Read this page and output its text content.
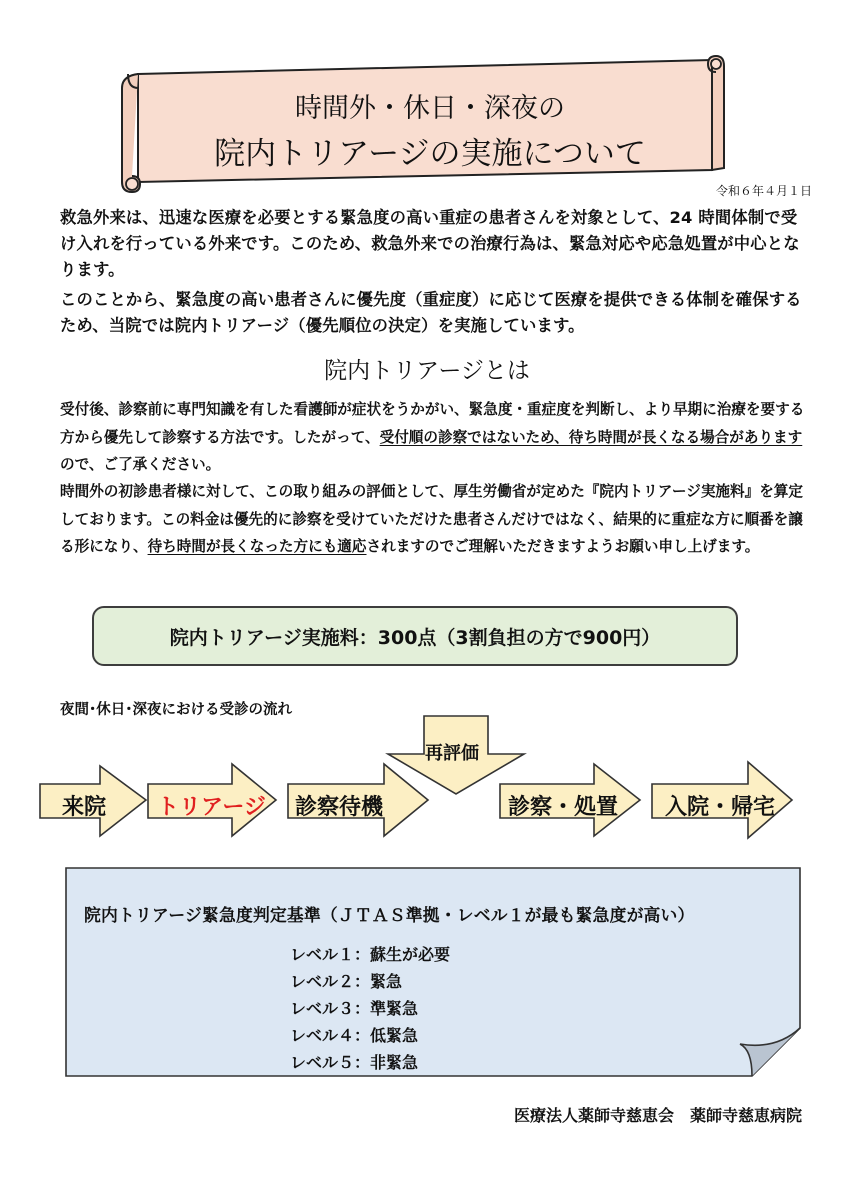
時間外・休日・深夜の
院内トリアージの実施について
令和６年４月１日

救急外来は、迅速な医療を必要とする緊急度の高い重症の患者さんを対象として、24 時間体制で受け入れを行っている外来です。このため、救急外来での治療行為は、緊急対応や応急処置が中心となります。

このことから、緊急度の高い患者さんに優先度（重症度）に応じて医療を提供できる体制を確保するため、当院では院内トリアージ（優先順位の決定）を実施しています。

院内トリアージとは

受付後、診察前に専門知識を有した看護師が症状をうかがい、緊急度・重症度を判断し、より早期に治療を要する方から優先して診察する方法です。したがって、受付順の診察ではないため、待ち時間が長くなる場合がありますので、ご了承ください。

時間外の初診患者様に対して、この取り組みの評価として、厚生労働省が定めた『院内トリアージ実施料』を算定しております。この料金は優先的に診察を受けていただけた患者さんだけではなく、結果的に重症な方に順番を譲る形になり、待ち時間が長くなった方にも適応されますのでご理解いただきますようお願い申し上げます。

院内トリアージ実施料：300点（3割負担の方で900円）
夜間･休日･深夜における受診の流れ
来院 トリアージ 診察待機
再評価
診察・処置 入院・帰宅
院内トリアージ緊急度判定基準（ＪＴＡＳ準拠・レベル１が最も緊急度が高い）
レベル１：蘇生が必要
レベル２：緊急
レベル３：準緊急
レベル４：低緊急
レベル５：非緊急
医療法人薬師寺慈恵会　薬師寺慈恵病院
